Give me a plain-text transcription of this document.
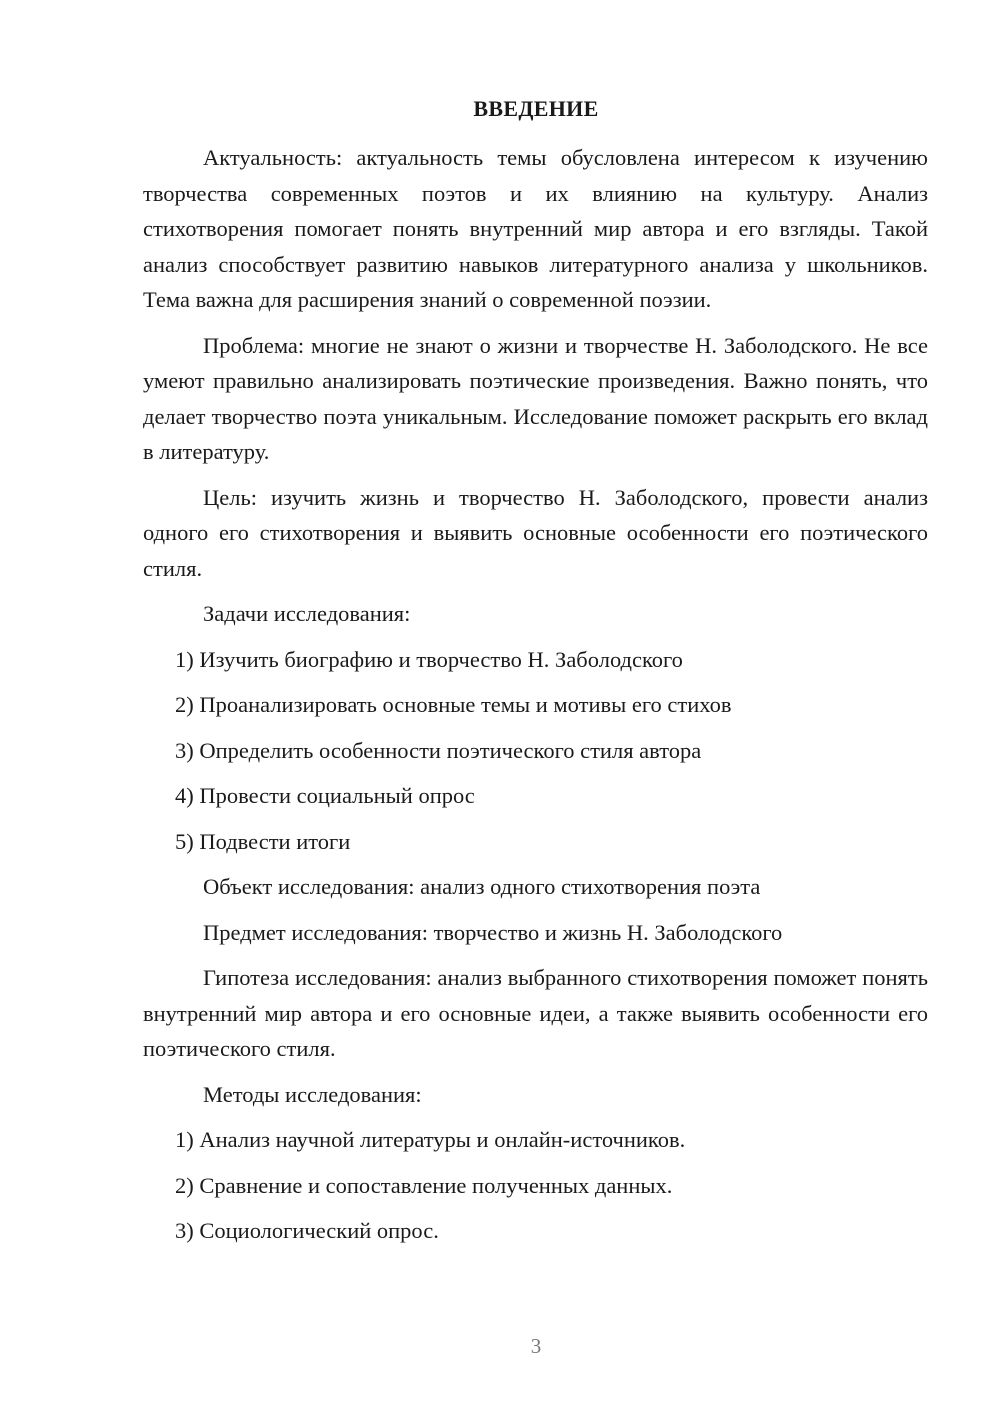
ВВЕДЕНИЕ

Актуальность: актуальность темы обусловлена интересом к изучению творчества современных поэтов и их влиянию на культуру. Анализ стихотворения помогает понять внутренний мир автора и его взгляды. Такой анализ способствует развитию навыков литературного анализа у школьников. Тема важна для расширения знаний о современной поэзии.

Проблема: многие не знают о жизни и творчестве Н. Заболодского. Не все умеют правильно анализировать поэтические произведения. Важно понять, что делает творчество поэта уникальным. Исследование поможет раскрыть его вклад в литературу.

Цель: изучить жизнь и творчество Н. Заболодского, провести анализ одного его стихотворения и выявить основные особенности его поэтического стиля.

Задачи исследования:

1) Изучить биографию и творчество Н. Заболодского
2) Проанализировать основные темы и мотивы его стихов
3) Определить особенности поэтического стиля автора
4) Провести социальный опрос
5) Подвести итоги

Объект исследования: анализ одного стихотворения поэта

Предмет исследования: творчество и жизнь Н. Заболодского

Гипотеза исследования: анализ выбранного стихотворения поможет понять внутренний мир автора и его основные идеи, а также выявить особенности его поэтического стиля.

Методы исследования:

1) Анализ научной литературы и онлайн-источников.
2) Сравнение и сопоставление полученных данных.
3) Социологический опрос.
3
